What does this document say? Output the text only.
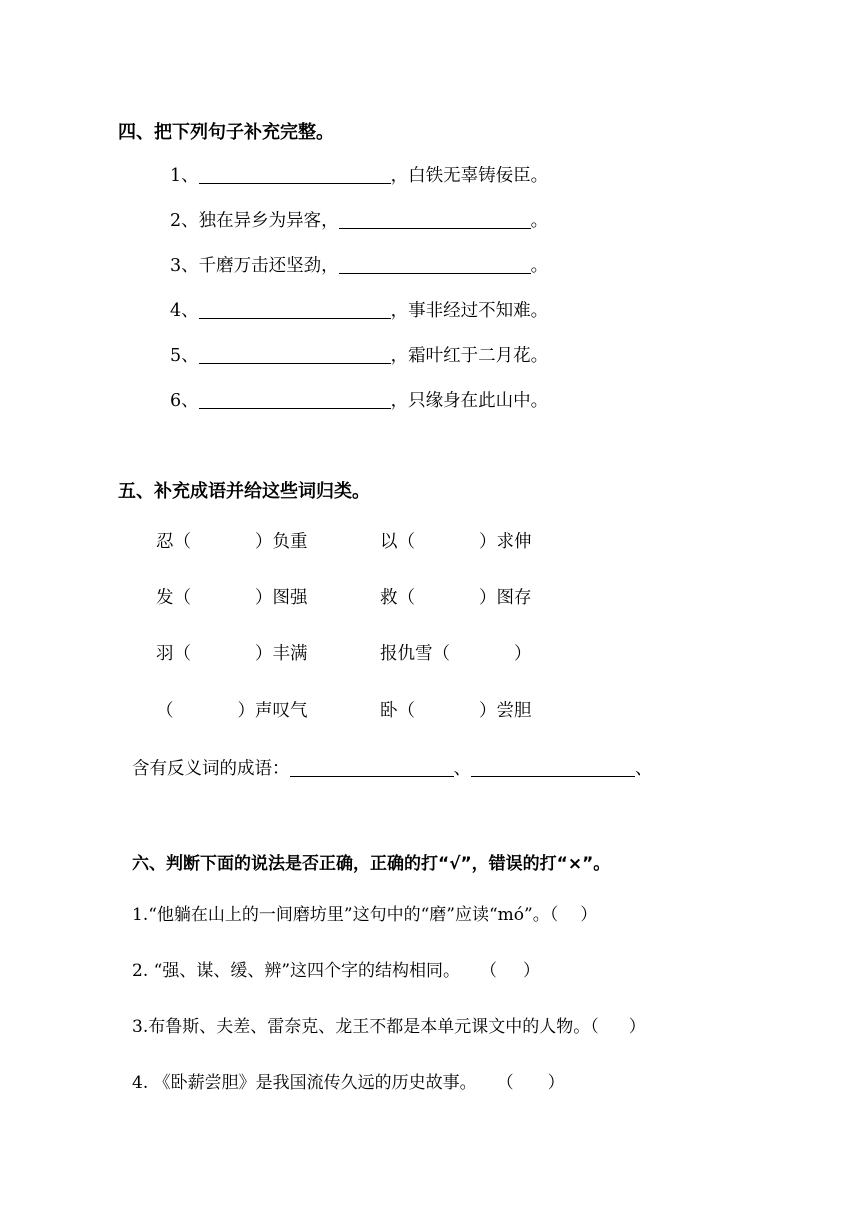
四、把下列句子补充完整。
1、	，白铁无辜铸佞臣。
2、独在异乡为异客，	。
3、千磨万击还坚劲，	。
4、	，事非经过不知难。
5、	，霜叶红于二月花。
6、	，只缘身在此山中。
五、补充成语并给这些词归类。
忍（	）负重	以（	）求伸
发（	）图强	救（	）图存
羽（	）丰满	报仇雪（	）
（	）声叹气	卧（	）尝胆
含有反义词的成语：	、	、
六、判断下面的说法是否正确，正确的打“√”，错误的打“×”。
1.“他躺在山上的一间磨坊里”这句中的“磨”应读“mó”。（ ）
2. “强、谋、缓、辨”这四个字的结构相同。 （ ）
3.布鲁斯、夫差、雷奈克、龙王不都是本单元课文中的人物。（ ）
4. 《卧薪尝胆》是我国流传久远的历史故事。 （ ）
